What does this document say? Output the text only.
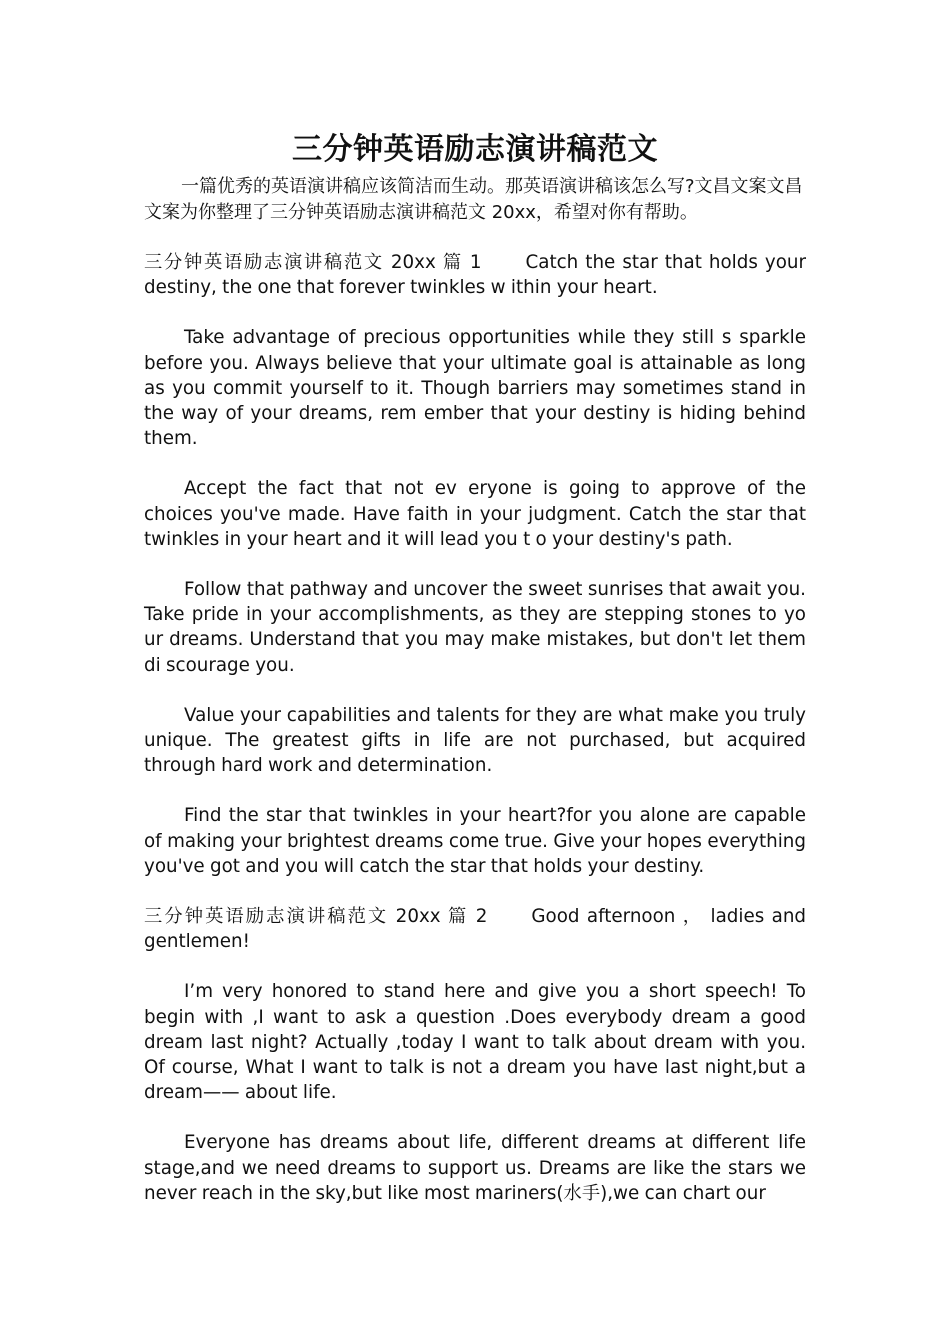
三分钟英语励志演讲稿范文

一篇优秀的英语演讲稿应该简洁而生动。那英语演讲稿该怎么写?文昌文案文昌文案为你整理了三分钟英语励志演讲稿范文 20xx，希望对你有帮助。

三分钟英语励志演讲稿范文 20xx 篇 1 Catch the star that holds your destiny, the one that forever twinkles w ithin your heart.

Take advantage of precious opportunities while they still s sparkle before you. Always believe that your ultimate goal is attainable as long as you commit yourself to it. Though barriers may sometimes stand in the way of your dreams, rem ember that your destiny is hiding behind them.

Accept the fact that not ev eryone is going to approve of the choices you've made. Have faith in your judgment. Catch the star that twinkles in your heart and it will lead you t o your destiny's path.

Follow that pathway and uncover the sweet sunrises that await you. Take pride in your accomplishments, as they are stepping stones to yo ur dreams. Understand that you may make mistakes, but don't let them di scourage you.

Value your capabilities and talents for they are what make you truly unique. The greatest gifts in life are not purchased, but acquired through hard work and determination.

Find the star that twinkles in your heart?for you alone are capable of making your brightest dreams come true. Give your hopes everything you've got and you will catch the star that holds your destiny.

三分钟英语励志演讲稿范文 20xx 篇 2 Good afternoon ， ladies and gentlemen!

I’m very honored to stand here and give you a short speech! To begin with ,I want to ask a question .Does everybody dream a good dream last night? Actually ,today I want to talk about dream with you. Of course, What I want to talk is not a dream you have last night,but a dream—— about life.

Everyone has dreams about life, different dreams at different life stage,and we need dreams to support us. Dreams are like the stars we never reach in the sky,but like most mariners(水手),we can chart our
